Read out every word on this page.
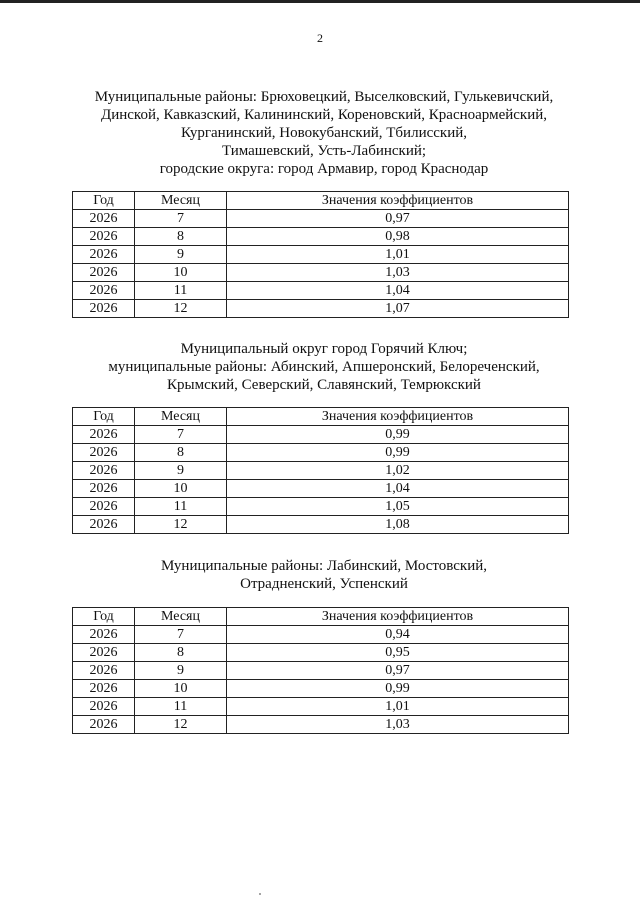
2
Муниципальные районы: Брюховецкий, Выселковский, Гулькевичский,
Динской, Кавказский, Калининский, Кореновский, Красноармейский,
Курганинский, Новокубанский, Тбилисский,
Тимашевский, Усть-Лабинский;
городские округа: город Армавир, город Краснодар
Год	Месяц	Значения коэффициентов
2026	7	0,97
2026	8	0,98
2026	9	1,01
2026	10	1,03
2026	11	1,04
2026	12	1,07
Муниципальный округ город Горячий Ключ;
муниципальные районы: Абинский, Апшеронский, Белореченский,
Крымский, Северский, Славянский, Темрюкский
Год	Месяц	Значения коэффициентов
2026	7	0,99
2026	8	0,99
2026	9	1,02
2026	10	1,04
2026	11	1,05
2026	12	1,08
Муниципальные районы: Лабинский, Мостовский,
Отрадненский, Успенский
Год	Месяц	Значения коэффициентов
2026	7	0,94
2026	8	0,95
2026	9	0,97
2026	10	0,99
2026	11	1,01
2026	12	1,03
